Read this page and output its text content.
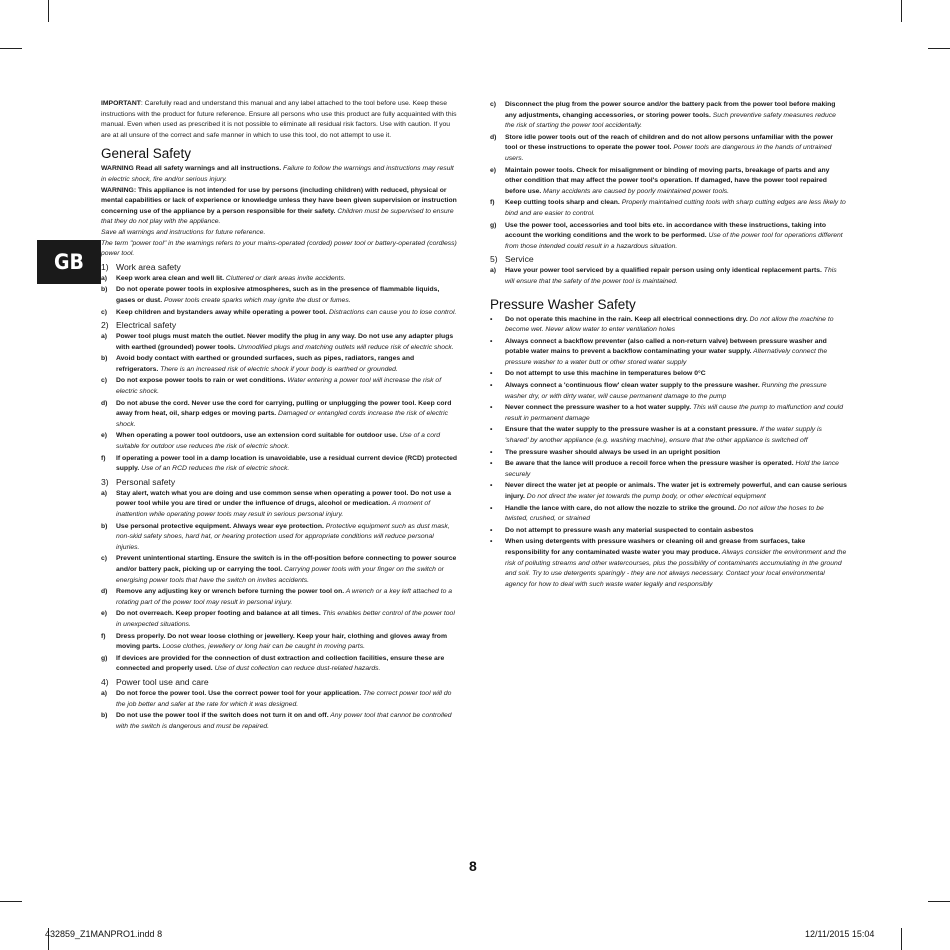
GB
IMPORTANT: Carefully read and understand this manual and any label attached to the tool before use. Keep these instructions with the product for future reference. Ensure all persons who use this product are fully acquainted with this manual. Even when used as prescribed it is not possible to eliminate all residual risk factors. Use with caution. If you are at all unsure of the correct and safe manner in which to use this tool, do not attempt to use it.
General Safety
WARNING Read all safety warnings and all instructions. Failure to follow the warnings and instructions may result in electric shock, fire and/or serious injury.
WARNING: This appliance is not intended for use by persons (including children) with reduced, physical or mental capabilities or lack of experience or knowledge unless they have been given supervision or instruction concerning use of the appliance by a person responsible for their safety. Children must be supervised to ensure that they do not play with the appliance.
Save all warnings and instructions for future reference.
The term "power tool" in the warnings refers to your mains-operated (corded) power tool or battery-operated (cordless) power tool.
1) Work area safety
a)	Keep work area clean and well lit. Cluttered or dark areas invite accidents.
b)	Do not operate power tools in explosive atmospheres, such as in the presence of flammable liquids, gases or dust. Power tools create sparks which may ignite the dust or fumes.
c)	Keep children and bystanders away while operating a power tool. Distractions can cause you to lose control.
2) Electrical safety
a)	Power tool plugs must match the outlet. Never modify the plug in any way. Do not use any adapter plugs with earthed (grounded) power tools. Unmodified plugs and matching outlets will reduce risk of electric shock.
b)	Avoid body contact with earthed or grounded surfaces, such as pipes, radiators, ranges and refrigerators. There is an increased risk of electric shock if your body is earthed or grounded.
c)	Do not expose power tools to rain or wet conditions. Water entering a power tool will increase the risk of electric shock.
d)	Do not abuse the cord. Never use the cord for carrying, pulling or unplugging the power tool. Keep cord away from heat, oil, sharp edges or moving parts. Damaged or entangled cords increase the risk of electric shock.
e)	When operating a power tool outdoors, use an extension cord suitable for outdoor use. Use of a cord suitable for outdoor use reduces the risk of electric shock.
f)	If operating a power tool in a damp location is unavoidable, use a residual current device (RCD) protected supply. Use of an RCD reduces the risk of electric shock.
3) Personal safety
a)	Stay alert, watch what you are doing and use common sense when operating a power tool. Do not use a power tool while you are tired or under the influence of drugs, alcohol or medication. A moment of inattention while operating power tools may result in serious personal injury.
b)	Use personal protective equipment. Always wear eye protection. Protective equipment such as dust mask, non-skid safety shoes, hard hat, or hearing protection used for appropriate conditions will reduce personal injuries.
c)	Prevent unintentional starting. Ensure the switch is in the off-position before connecting to power source and/or battery pack, picking up or carrying the tool. Carrying power tools with your finger on the switch or energising power tools that have the switch on invites accidents.
d)	Remove any adjusting key or wrench before turning the power tool on. A wrench or a key left attached to a rotating part of the power tool may result in personal injury.
e)	Do not overreach. Keep proper footing and balance at all times. This enables better control of the power tool in unexpected situations.
f)	Dress properly. Do not wear loose clothing or jewellery. Keep your hair, clothing and gloves away from moving parts. Loose clothes, jewellery or long hair can be caught in moving parts.
g)	If devices are provided for the connection of dust extraction and collection facilities, ensure these are connected and properly used. Use of dust collection can reduce dust-related hazards.
4) Power tool use and care
a)	Do not force the power tool. Use the correct power tool for your application. The correct power tool will do the job better and safer at the rate for which it was designed.
b)	Do not use the power tool if the switch does not turn it on and off. Any power tool that cannot be controlled with the switch is dangerous and must be repaired.
c)	Disconnect the plug from the power source and/or the battery pack from the power tool before making any adjustments, changing accessories, or storing power tools. Such preventive safety measures reduce the risk of starting the power tool accidentally.
d)	Store idle power tools out of the reach of children and do not allow persons unfamiliar with the power tool or these instructions to operate the power tool. Power tools are dangerous in the hands of untrained users.
e)	Maintain power tools. Check for misalignment or binding of moving parts, breakage of parts and any other condition that may affect the power tool's operation. If damaged, have the power tool repaired before use. Many accidents are caused by poorly maintained power tools.
f)	Keep cutting tools sharp and clean. Properly maintained cutting tools with sharp cutting edges are less likely to bind and are easier to control.
g)	Use the power tool, accessories and tool bits etc. in accordance with these instructions, taking into account the working conditions and the work to be performed. Use of the power tool for operations different from those intended could result in a hazardous situation.
5) Service
a)	Have your power tool serviced by a qualified repair person using only identical replacement parts. This will ensure that the safety of the power tool is maintained.
Pressure Washer Safety
•	Do not operate this machine in the rain. Keep all electrical connections dry. Do not allow the machine to become wet. Never allow water to enter ventilation holes
•	Always connect a backflow preventer (also called a non-return valve) between pressure washer and potable water mains to prevent a backflow contaminating your water supply. Alternatively connect the pressure washer to a water butt or other stored water supply
•	Do not attempt to use this machine in temperatures below 0°C
•	Always connect a 'continuous flow' clean water supply to the pressure washer. Running the pressure washer dry, or with dirty water, will cause permanent damage to the pump
•	Never connect the pressure washer to a hot water supply. This will cause the pump to malfunction and could result in permanent damage
•	Ensure that the water supply to the pressure washer is at a constant pressure. If the water supply is 'shared' by another appliance (e.g. washing machine), ensure that the other appliance is switched off
•	The pressure washer should always be used in an upright position
•	Be aware that the lance will produce a recoil force when the pressure washer is operated. Hold the lance securely
•	Never direct the water jet at people or animals. The water jet is extremely powerful, and can cause serious injury. Do not direct the water jet towards the pump body, or other electrical equipment
•	Handle the lance with care, do not allow the nozzle to strike the ground. Do not allow the hoses to be twisted, crushed, or strained
•	Do not attempt to pressure wash any material suspected to contain asbestos
•	When using detergents with pressure washers or cleaning oil and grease from surfaces, take responsibility for any contaminated waste water you may produce. Always consider the environment and the risk of polluting streams and other watercourses, plus the possibility of contaminants accumulating in the ground and soil. Try to use detergents sparingly - they are not always necessary. Contact your local environmental agency for how to deal with such waste water legally and responsibly
8
432859_Z1MANPRO1.indd 8	12/11/2015 15:04
